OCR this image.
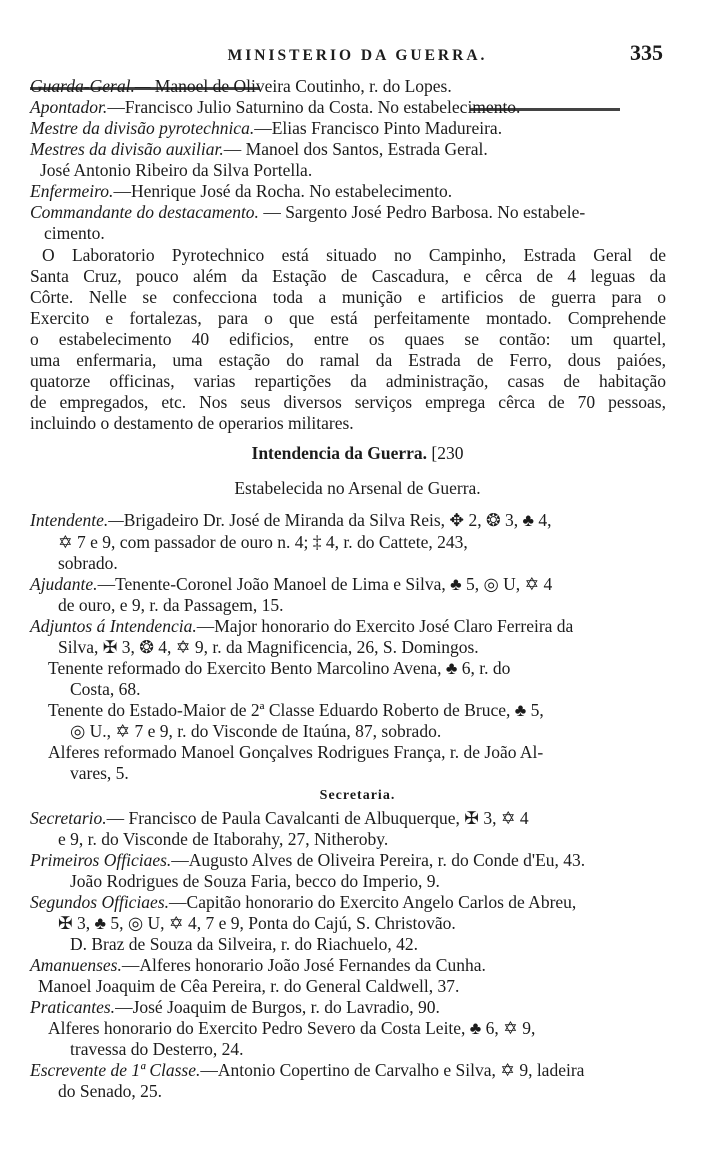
MINISTERIO DA GUERRA.	335
Guarda-Geral.— Manoel de Oliveira Coutinho, r. do Lopes.
Apontador.—Francisco Julio Saturnino da Costa. No estabelecimento.
Mestre da divisão pyrotechnica.—Elias Francisco Pinto Madureira.
Mestres da divisão auxiliar.— Manoel dos Santos, Estrada Geral.
José Antonio Ribeiro da Silva Portella.
Enfermeiro.—Henrique José da Rocha. No estabelecimento.
Commandante do destacamento. — Sargento José Pedro Barbosa. No estabele-
cimento.
O Laboratorio Pyrotechnico está situado no Campinho, Estrada Geral de
Santa Cruz, pouco além da Estação de Cascadura, e cêrca de 4 leguas da
Côrte. Nelle se confecciona toda a munição e artificios de guerra para o
Exercito e fortalezas, para o que está perfeitamente montado. Comprehende
o estabelecimento 40 edificios, entre os quaes se contão: um quartel,
uma enfermaria, uma estação do ramal da Estrada de Ferro, dous paióes,
quatorze officinas, varias repartições da administração, casas de habitação
de empregados, etc. Nos seus diversos serviços emprega cêrca de 70 pessoas,
incluindo o destamento de operarios militares.
Intendencia da Guerra. [230
Estabelecida no Arsenal de Guerra.
Intendente.—Brigadeiro Dr. José de Miranda da Silva Reis, ✥ 2, ❂ 3, ♣ 4,
✡ 7 e 9, com passador de ouro n. 4; ‡ 4, r. do Cattete, 243,
sobrado.
Ajudante.—Tenente-Coronel João Manoel de Lima e Silva, ♣ 5, ◎ U, ✡ 4
de ouro, e 9, r. da Passagem, 15.
Adjuntos á Intendencia.—Major honorario do Exercito José Claro Ferreira da
Silva, ✠ 3, ❂ 4, ✡ 9, r. da Magnificencia, 26, S. Domingos.
Tenente reformado do Exercito Bento Marcolino Avena, ♣ 6, r. do
Costa, 68.
Tenente do Estado-Maior de 2ª Classe Eduardo Roberto de Bruce, ♣ 5,
◎ U., ✡ 7 e 9, r. do Visconde de Itaúna, 87, sobrado.
Alferes reformado Manoel Gonçalves Rodrigues França, r. de João Al-
vares, 5.
Secretaria.
Secretario.— Francisco de Paula Cavalcanti de Albuquerque, ✠ 3, ✡ 4
e 9, r. do Visconde de Itaborahy, 27, Nitheroby.
Primeiros Officiaes.—Augusto Alves de Oliveira Pereira, r. do Conde d'Eu, 43.
João Rodrigues de Souza Faria, becco do Imperio, 9.
Segundos Officiaes.—Capitão honorario do Exercito Angelo Carlos de Abreu,
✠ 3, ♣ 5, ◎ U, ✡ 4, 7 e 9, Ponta do Cajú, S. Christovão.
D. Braz de Souza da Silveira, r. do Riachuelo, 42.
Amanuenses.—Alferes honorario João José Fernandes da Cunha.
Manoel Joaquim de Cêa Pereira, r. do General Caldwell, 37.
Praticantes.—José Joaquim de Burgos, r. do Lavradio, 90.
Alferes honorario do Exercito Pedro Severo da Costa Leite, ♣ 6, ✡ 9,
travessa do Desterro, 24.
Escrevente de 1ª Classe.—Antonio Copertino de Carvalho e Silva, ✡ 9, ladeira
do Senado, 25.
